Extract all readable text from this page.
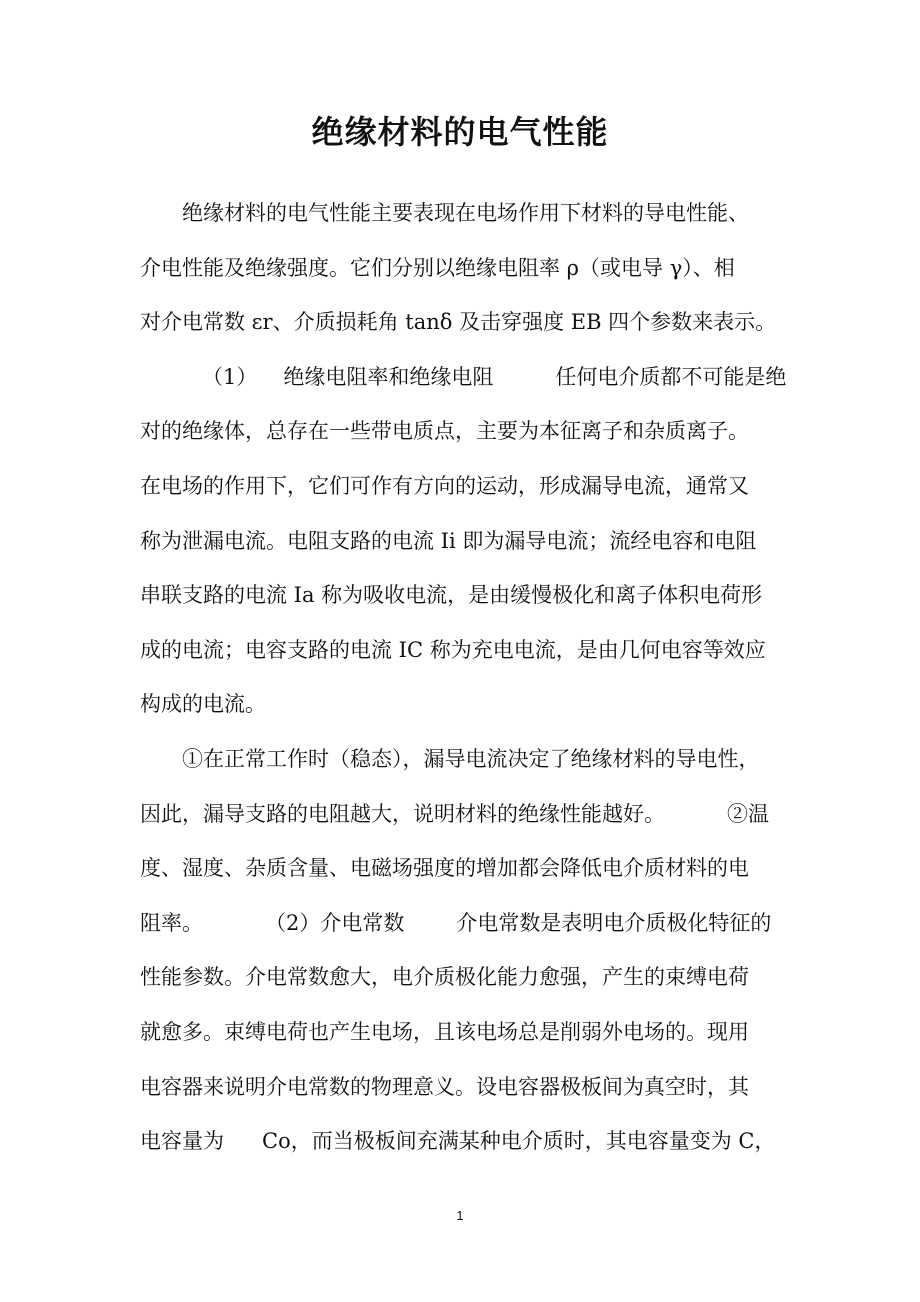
绝缘材料的电气性能
绝缘材料的电气性能主要表现在电场作用下材料的导电性能、
介电性能及绝缘强度。它们分别以绝缘电阻率 ρ（或电导 γ）、相
对介电常数 εr、介质损耗角 tanδ 及击穿强度 EB 四个参数来表示。
（1） 绝缘电阻率和绝缘电阻	任何电介质都不可能是绝
对的绝缘体，总存在一些带电质点，主要为本征离子和杂质离子。
在电场的作用下，它们可作有方向的运动，形成漏导电流，通常又
称为泄漏电流。电阻支路的电流 Ii 即为漏导电流；流经电容和电阻
串联支路的电流 Ia 称为吸收电流，是由缓慢极化和离子体积电荷形
成的电流；电容支路的电流 IC 称为充电电流，是由几何电容等效应
构成的电流。
①在正常工作时（稳态），漏导电流决定了绝缘材料的导电性，
因此，漏导支路的电阻越大，说明材料的绝缘性能越好。	②温
度、湿度、杂质含量、电磁场强度的增加都会降低电介质材料的电
阻率。	（2）介电常数 介电常数是表明电介质极化特征的
性能参数。介电常数愈大，电介质极化能力愈强，产生的束缚电荷
就愈多。束缚电荷也产生电场，且该电场总是削弱外电场的。现用
电容器来说明介电常数的物理意义。设电容器极板间为真空时，其
电容量为 Co，而当极板间充满某种电介质时，其电容量变为 C，
1
